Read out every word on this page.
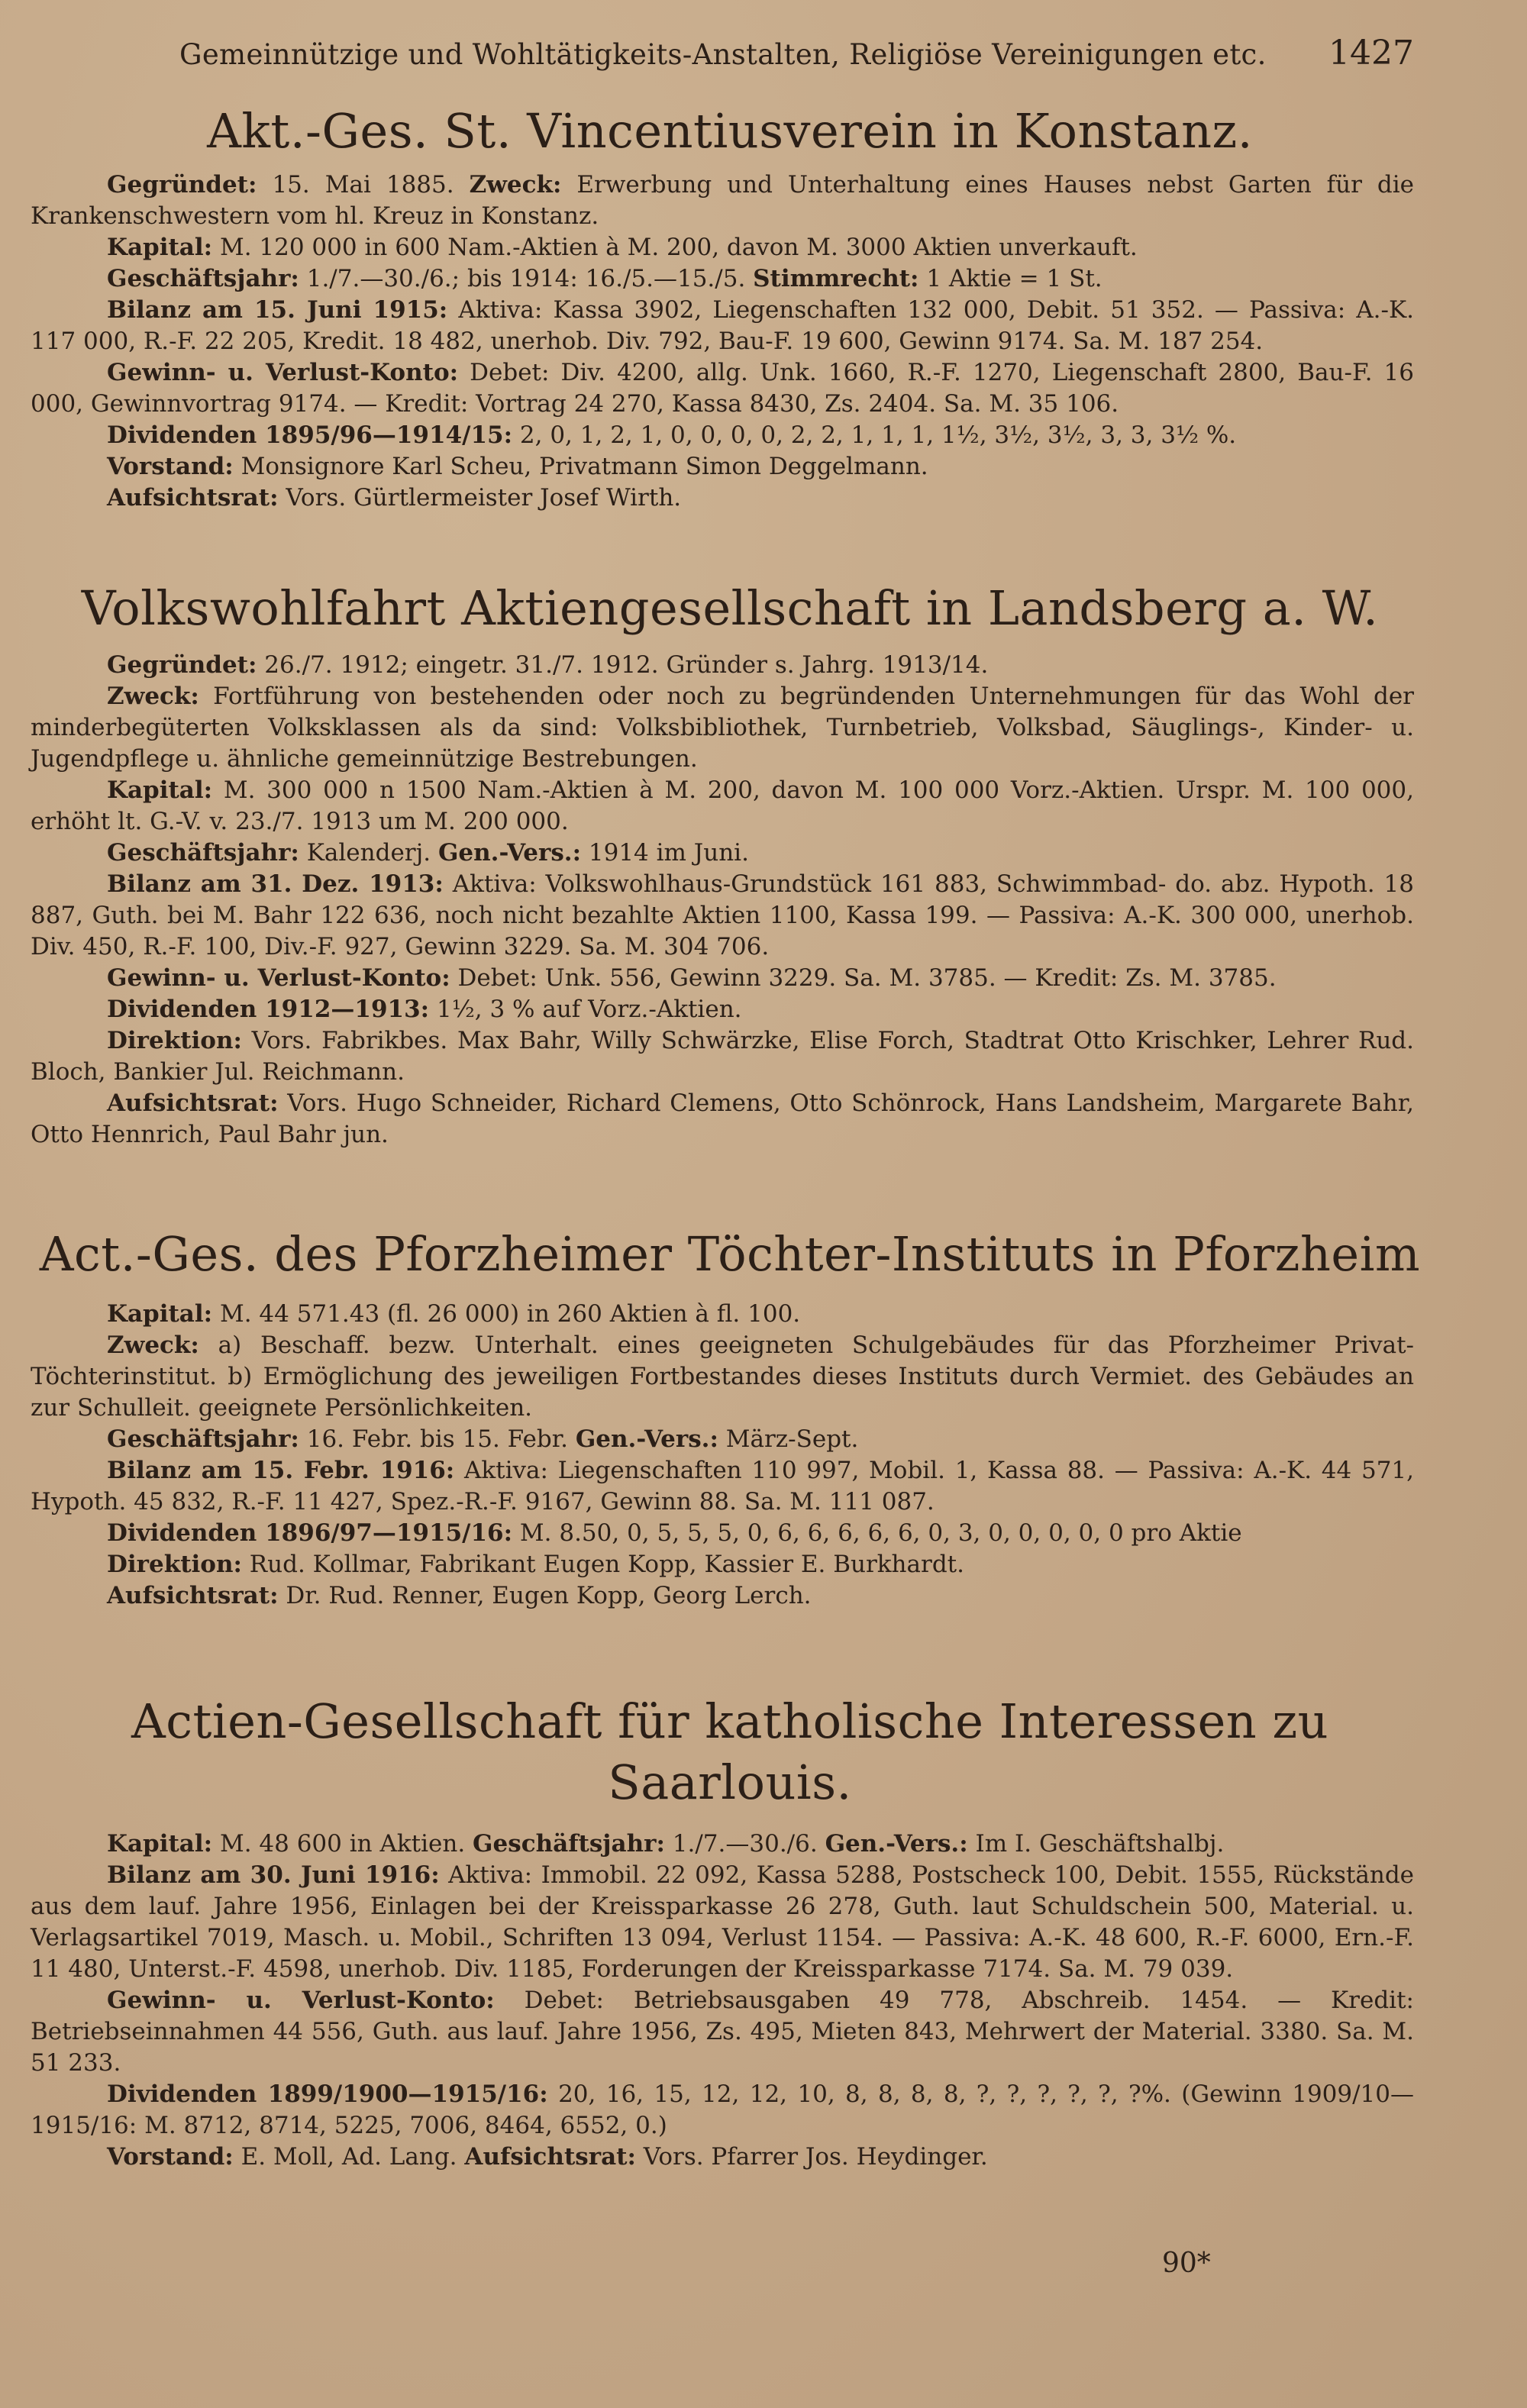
Gemeinnützige und Wohltätigkeits-Anstalten, Religiöse Vereinigungen etc. 1427
Akt.-Ges. St. Vincentiusverein in Konstanz.

Gegründet: 15. Mai 1885. Zweck: Erwerbung und Unterhaltung eines Hauses nebst Garten für die Krankenschwestern vom hl. Kreuz in Konstanz.

Kapital: M. 120 000 in 600 Nam.-Aktien à M. 200, davon M. 3000 Aktien unverkauft.

Geschäftsjahr: 1./7.—30./6.; bis 1914: 16./5.—15./5. Stimmrecht: 1 Aktie = 1 St.

Bilanz am 15. Juni 1915: Aktiva: Kassa 3902, Liegenschaften 132 000, Debit. 51 352. — Passiva: A.-K. 117 000, R.-F. 22 205, Kredit. 18 482, unerhob. Div. 792, Bau-F. 19 600, Gewinn 9174. Sa. M. 187 254.

Gewinn- u. Verlust-Konto: Debet: Div. 4200, allg. Unk. 1660, R.-F. 1270, Liegenschaft 2800, Bau-F. 16 000, Gewinnvortrag 9174. — Kredit: Vortrag 24 270, Kassa 8430, Zs. 2404. Sa. M. 35 106.

Dividenden 1895/96—1914/15: 2, 0, 1, 2, 1, 0, 0, 0, 0, 2, 2, 1, 1, 1, 1½, 3½, 3½, 3, 3, 3½ %.

Vorstand: Monsignore Karl Scheu, Privatmann Simon Deggelmann.

Aufsichtsrat: Vors. Gürtlermeister Josef Wirth.

Volkswohlfahrt Aktiengesellschaft in Landsberg a. W.

Gegründet: 26./7. 1912; eingetr. 31./7. 1912. Gründer s. Jahrg. 1913/14.

Zweck: Fortführung von bestehenden oder noch zu begründenden Unternehmungen für das Wohl der minderbegüterten Volksklassen als da sind: Volksbibliothek, Turnbetrieb, Volksbad, Säuglings-, Kinder- u. Jugendpflege u. ähnliche gemeinnützige Bestrebungen.

Kapital: M. 300 000 n 1500 Nam.-Aktien à M. 200, davon M. 100 000 Vorz.-Aktien. Urspr. M. 100 000, erhöht lt. G.-V. v. 23./7. 1913 um M. 200 000.

Geschäftsjahr: Kalenderj. Gen.-Vers.: 1914 im Juni.

Bilanz am 31. Dez. 1913: Aktiva: Volkswohlhaus-Grundstück 161 883, Schwimmbad- do. abz. Hypoth. 18 887, Guth. bei M. Bahr 122 636, noch nicht bezahlte Aktien 1100, Kassa 199. — Passiva: A.-K. 300 000, unerhob. Div. 450, R.-F. 100, Div.-F. 927, Gewinn 3229. Sa. M. 304 706.

Gewinn- u. Verlust-Konto: Debet: Unk. 556, Gewinn 3229. Sa. M. 3785. — Kredit: Zs. M. 3785.

Dividenden 1912—1913: 1½, 3 % auf Vorz.-Aktien.

Direktion: Vors. Fabrikbes. Max Bahr, Willy Schwärzke, Elise Forch, Stadtrat Otto Krischker, Lehrer Rud. Bloch, Bankier Jul. Reichmann.

Aufsichtsrat: Vors. Hugo Schneider, Richard Clemens, Otto Schönrock, Hans Landsheim, Margarete Bahr, Otto Hennrich, Paul Bahr jun.

Act.-Ges. des Pforzheimer Töchter-Instituts in Pforzheim

Kapital: M. 44 571.43 (fl. 26 000) in 260 Aktien à fl. 100.

Zweck: a) Beschaff. bezw. Unterhalt. eines geeigneten Schulgebäudes für das Pforzheimer Privat-Töchterinstitut. b) Ermöglichung des jeweiligen Fortbestandes dieses Instituts durch Vermiet. des Gebäudes an zur Schulleit. geeignete Persönlichkeiten.

Geschäftsjahr: 16. Febr. bis 15. Febr. Gen.-Vers.: März-Sept.

Bilanz am 15. Febr. 1916: Aktiva: Liegenschaften 110 997, Mobil. 1, Kassa 88. — Passiva: A.-K. 44 571, Hypoth. 45 832, R.-F. 11 427, Spez.-R.-F. 9167, Gewinn 88. Sa. M. 111 087.

Dividenden 1896/97—1915/16: M. 8.50, 0, 5, 5, 5, 0, 6, 6, 6, 6, 6, 0, 3, 0, 0, 0, 0, 0 pro Aktie

Direktion: Rud. Kollmar, Fabrikant Eugen Kopp, Kassier E. Burkhardt.

Aufsichtsrat: Dr. Rud. Renner, Eugen Kopp, Georg Lerch.

Actien-Gesellschaft für katholische Interessen zu Saarlouis.

Kapital: M. 48 600 in Aktien. Geschäftsjahr: 1./7.—30./6. Gen.-Vers.: Im I. Geschäftshalbj.

Bilanz am 30. Juni 1916: Aktiva: Immobil. 22 092, Kassa 5288, Postscheck 100, Debit. 1555, Rückstände aus dem lauf. Jahre 1956, Einlagen bei der Kreissparkasse 26 278, Guth. laut Schuldschein 500, Material. u. Verlagsartikel 7019, Masch. u. Mobil., Schriften 13 094, Verlust 1154. — Passiva: A.-K. 48 600, R.-F. 6000, Ern.-F. 11 480, Unterst.-F. 4598, unerhob. Div. 1185, Forderungen der Kreissparkasse 7174. Sa. M. 79 039.

Gewinn- u. Verlust-Konto: Debet: Betriebsausgaben 49 778, Abschreib. 1454. — Kredit: Betriebseinnahmen 44 556, Guth. aus lauf. Jahre 1956, Zs. 495, Mieten 843, Mehrwert der Material. 3380. Sa. M. 51 233.

Dividenden 1899/1900—1915/16: 20, 16, 15, 12, 12, 10, 8, 8, 8, 8, ?, ?, ?, ?, ?, ?%. (Gewinn 1909/10—1915/16: M. 8712, 8714, 5225, 7006, 8464, 6552, 0.)

Vorstand: E. Moll, Ad. Lang. Aufsichtsrat: Vors. Pfarrer Jos. Heydinger.

90*
